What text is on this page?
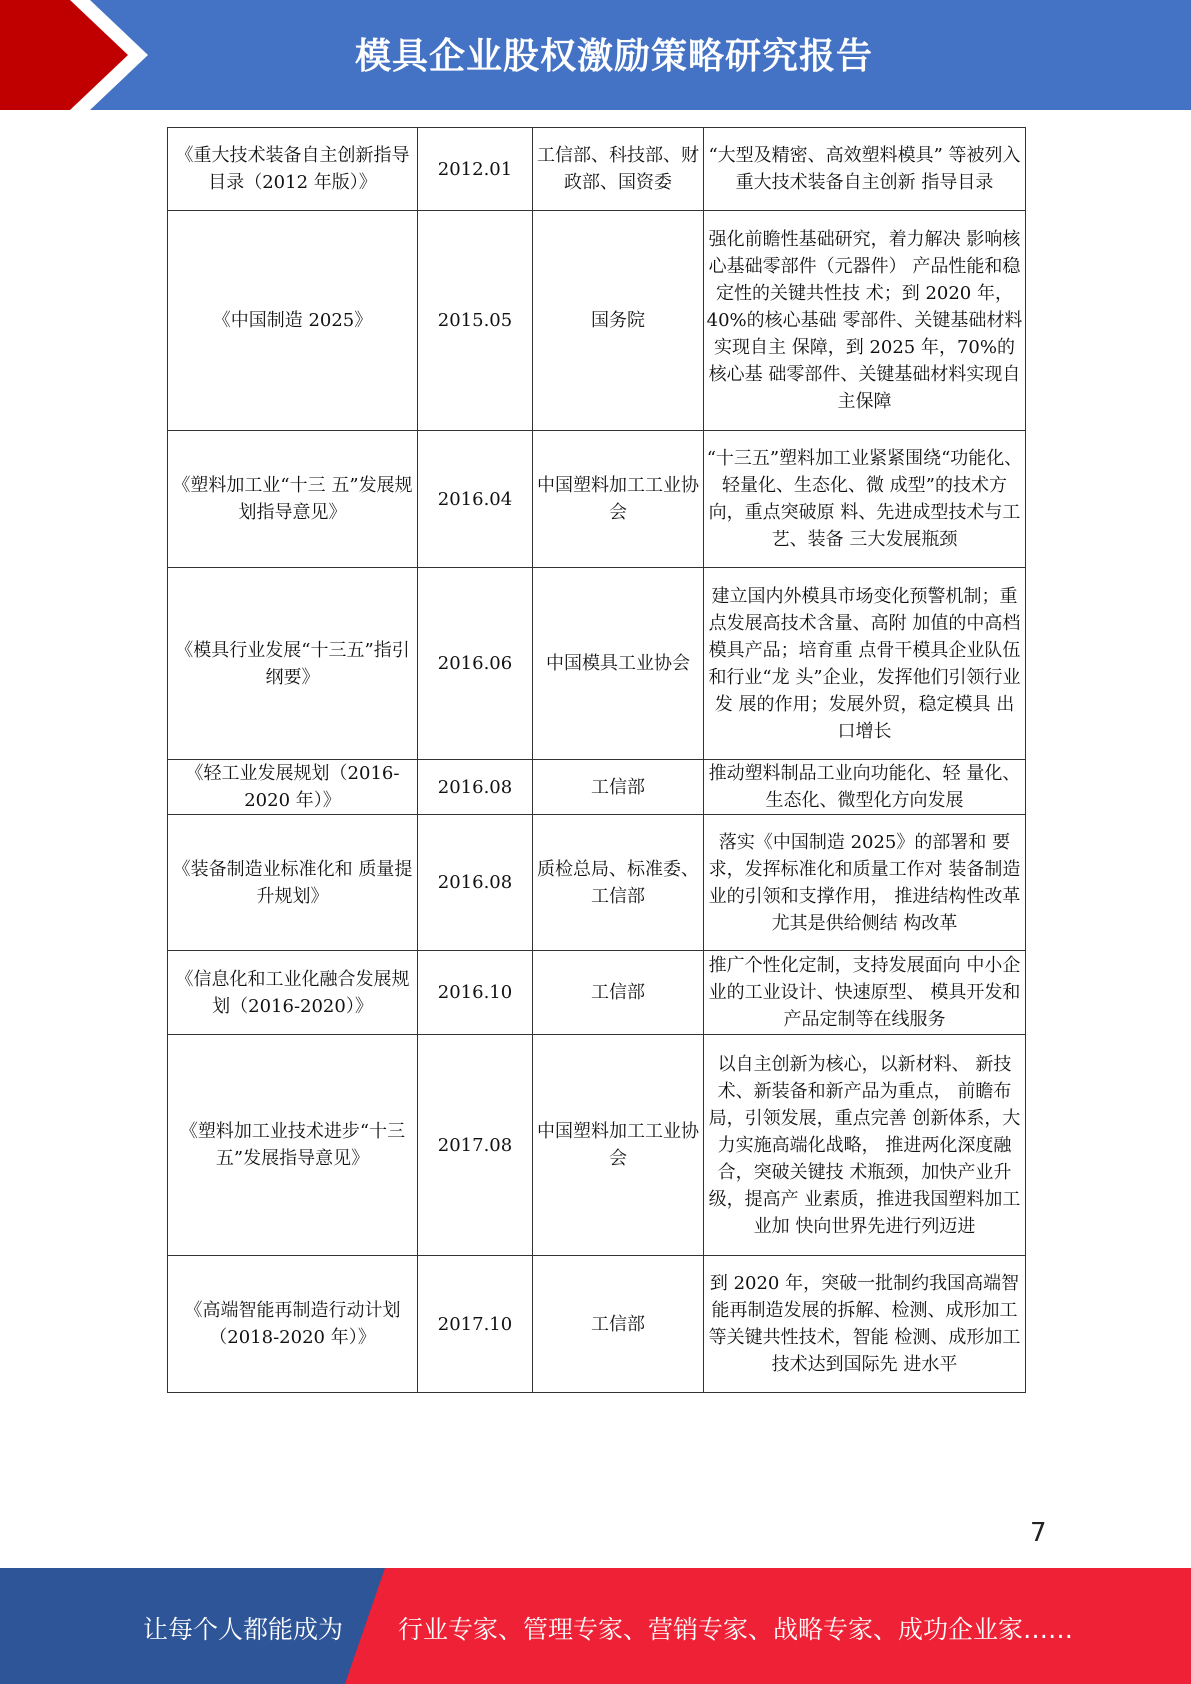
模具企业股权激励策略研究报告
《重大技术装备自主创新指导目录（2012 年版）》	2012.01	工信部、科技部、财政部、国资委	“大型及精密、高效塑料模具” 等被列入重大技术装备自主创新 指导目录
《中国制造 2025》	2015.05	国务院	强化前瞻性基础研究，着力解决 影响核心基础零部件（元器件） 产品性能和稳定性的关键共性技 术；到 2020 年，40%的核心基础 零部件、关键基础材料实现自主 保障，到 2025 年，70%的核心基 础零部件、关键基础材料实现自 主保障
《塑料加工业“十三 五”发展规划指导意见》	2016.04	中国塑料加工工业协会	“十三五”塑料加工业紧紧围绕“功能化、轻量化、生态化、微 成型”的技术方向，重点突破原 料、先进成型技术与工艺、装备 三大发展瓶颈
《模具行业发展“十三五”指引纲要》	2016.06	中国模具工业协会	建立国内外模具市场变化预警机制；重点发展高技术含量、高附 加值的中高档模具产品；培育重 点骨干模具企业队伍和行业“龙 头”企业，发挥他们引领行业发 展的作用；发展外贸，稳定模具 出口增长
《轻工业发展规划（2016-2020 年）》	2016.08	工信部	推动塑料制品工业向功能化、轻 量化、生态化、微型化方向发展
《装备制造业标准化和 质量提升规划》	2016.08	质检总局、标准委、工信部	落实《中国制造 2025》的部署和 要求，发挥标准化和质量工作对 装备制造业的引领和支撑作用， 推进结构性改革尤其是供给侧结 构改革
《信息化和工业化融合发展规划（2016-2020）》	2016.10	工信部	推广个性化定制，支持发展面向 中小企业的工业设计、快速原型、 模具开发和产品定制等在线服务
《塑料加工业技术进步“十三五”发展指导意见》	2017.08	中国塑料加工工业协会	以自主创新为核心，以新材料、 新技术、新装备和新产品为重点， 前瞻布局，引领发展，重点完善 创新体系，大力实施高端化战略， 推进两化深度融合，突破关键技 术瓶颈，加快产业升级，提高产 业素质，推进我国塑料加工业加 快向世界先进行列迈进
《高端智能再制造行动计划（2018-2020 年）》	2017.10	工信部	到 2020 年，突破一批制约我国高端智能再制造发展的拆解、检测、成形加工等关键共性技术，智能 检测、成形加工技术达到国际先 进水平
7
让每个人都能成为 行业专家、管理专家、营销专家、战略专家、成功企业家……
